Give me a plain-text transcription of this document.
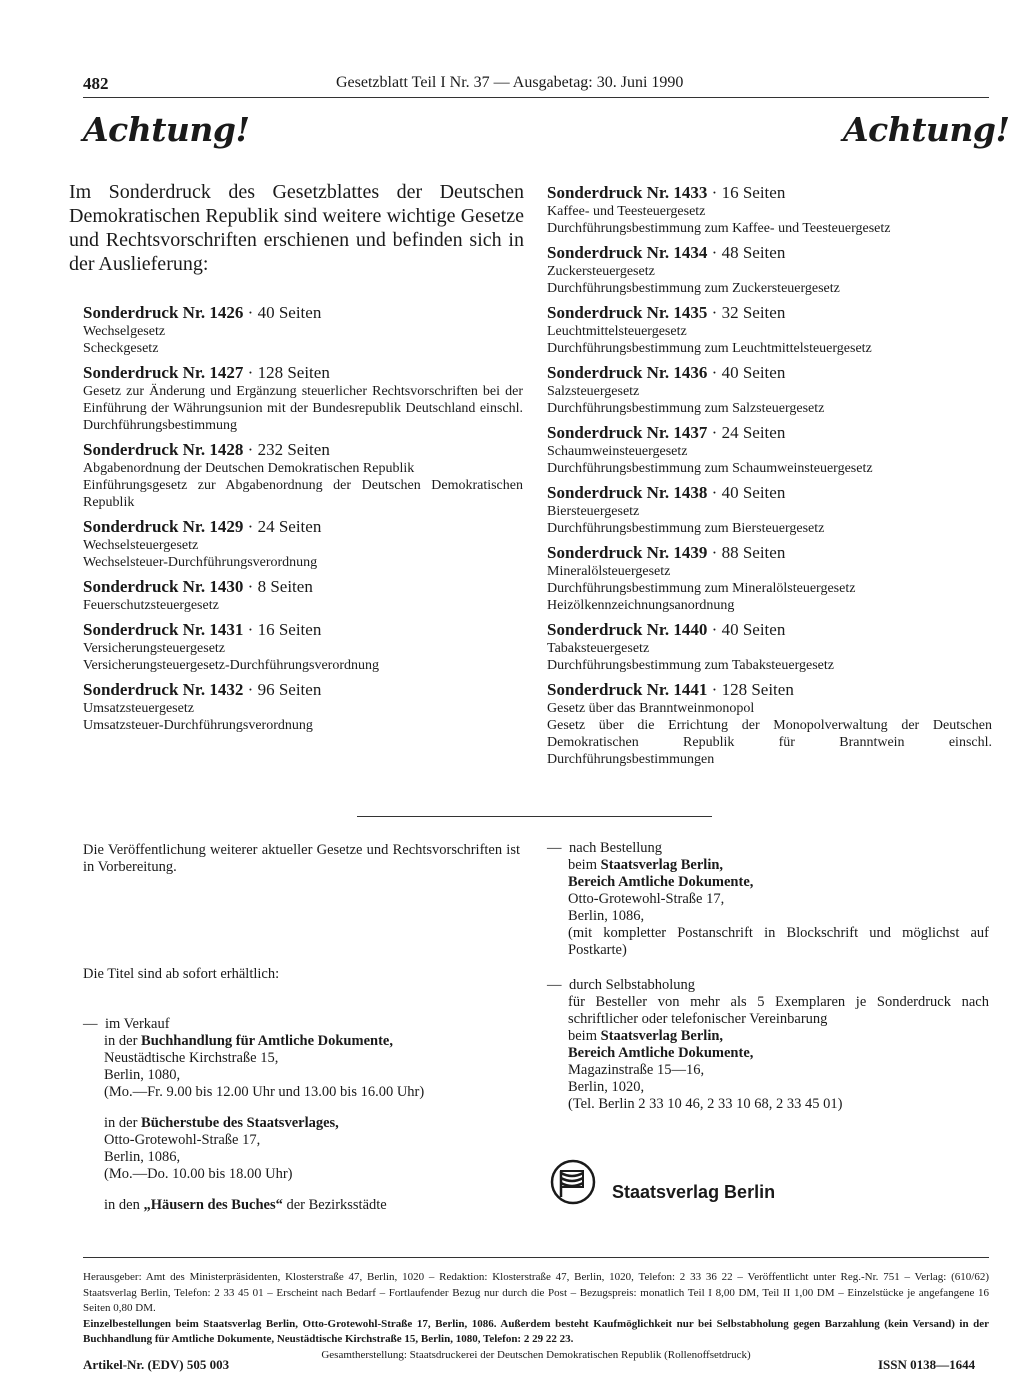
482	Gesetzblatt Teil I Nr. 37 — Ausgabetag: 30. Juni 1990
Achtung!	Achtung!
Im Sonderdruck des Gesetzblattes der Deutschen Demokratischen Republik sind weitere wichtige Gesetze und Rechtsvorschriften erschienen und befinden sich in der Auslieferung:
Sonderdruck Nr. 1426 · 40 Seiten
Wechselgesetz
Scheckgesetz
Sonderdruck Nr. 1427 · 128 Seiten
Gesetz zur Änderung und Ergänzung steuerlicher Rechtsvorschriften bei der Einführung der Währungsunion mit der Bundesrepublik Deutschland einschl. Durchführungsbestimmung
Sonderdruck Nr. 1428 · 232 Seiten
Abgabenordnung der Deutschen Demokratischen Republik
Einführungsgesetz zur Abgabenordnung der Deutschen Demokratischen Republik
Sonderdruck Nr. 1429 · 24 Seiten
Wechselsteuergesetz
Wechselsteuer-Durchführungsverordnung
Sonderdruck Nr. 1430 · 8 Seiten
Feuerschutzsteuergesetz
Sonderdruck Nr. 1431 · 16 Seiten
Versicherungsteuergesetz
Versicherungsteuergesetz-Durchführungsverordnung
Sonderdruck Nr. 1432 · 96 Seiten
Umsatzsteuergesetz
Umsatzsteuer-Durchführungsverordnung
Sonderdruck Nr. 1433 · 16 Seiten
Kaffee- und Teesteuergesetz
Durchführungsbestimmung zum Kaffee- und Teesteuergesetz
Sonderdruck Nr. 1434 · 48 Seiten
Zuckersteuergesetz
Durchführungsbestimmung zum Zuckersteuergesetz
Sonderdruck Nr. 1435 · 32 Seiten
Leuchtmittelsteuergesetz
Durchführungsbestimmung zum Leuchtmittelsteuergesetz
Sonderdruck Nr. 1436 · 40 Seiten
Salzsteuergesetz
Durchführungsbestimmung zum Salzsteuergesetz
Sonderdruck Nr. 1437 · 24 Seiten
Schaumweinsteuergesetz
Durchführungsbestimmung zum Schaumweinsteuergesetz
Sonderdruck Nr. 1438 · 40 Seiten
Biersteuergesetz
Durchführungsbestimmung zum Biersteuergesetz
Sonderdruck Nr. 1439 · 88 Seiten
Mineralölsteuergesetz
Durchführungsbestimmung zum Mineralölsteuergesetz
Heizölkennzeichnungsanordnung
Sonderdruck Nr. 1440 · 40 Seiten
Tabaksteuergesetz
Durchführungsbestimmung zum Tabaksteuergesetz
Sonderdruck Nr. 1441 · 128 Seiten
Gesetz über das Branntweinmonopol
Gesetz über die Errichtung der Monopolverwaltung der Deutschen Demokratischen Republik für Branntwein einschl. Durchführungsbestimmungen
Die Veröffentlichung weiterer aktueller Gesetze und Rechtsvorschriften ist in Vorbereitung.
Die Titel sind ab sofort erhältlich:
— im Verkauf
in der Buchhandlung für Amtliche Dokumente,
Neustädtische Kirchstraße 15,
Berlin, 1080,
(Mo.—Fr. 9.00 bis 12.00 Uhr und 13.00 bis 16.00 Uhr)
in der Bücherstube des Staatsverlages,
Otto-Grotewohl-Straße 17,
Berlin, 1086,
(Mo.—Do. 10.00 bis 18.00 Uhr)
in den „Häusern des Buches“ der Bezirksstädte
— nach Bestellung
beim Staatsverlag Berlin,
Bereich Amtliche Dokumente,
Otto-Grotewohl-Straße 17,
Berlin, 1086,
(mit kompletter Postanschrift in Blockschrift und möglichst auf Postkarte)
— durch Selbstabholung
für Besteller von mehr als 5 Exemplaren je Sonderdruck nach schriftlicher oder telefonischer Vereinbarung
beim Staatsverlag Berlin,
Bereich Amtliche Dokumente,
Magazinstraße 15—16,
Berlin, 1020,
(Tel. Berlin 2 33 10 46, 2 33 10 68, 2 33 45 01)
Staatsverlag Berlin
Herausgeber: Amt des Ministerpräsidenten, Klosterstraße 47, Berlin, 1020 – Redaktion: Klosterstraße 47, Berlin, 1020, Telefon: 2 33 36 22 – Veröffentlicht unter Reg.-Nr. 751 – Verlag: (610/62) Staatsverlag Berlin, Telefon: 2 33 45 01 – Erscheint nach Bedarf – Fortlaufender Bezug nur durch die Post – Bezugspreis: monatlich Teil I 8,00 DM, Teil II 1,00 DM – Einzelstücke je angefangene 16 Seiten 0,80 DM.
Einzelbestellungen beim Staatsverlag Berlin, Otto-Grotewohl-Straße 17, Berlin, 1086. Außerdem besteht Kaufmöglichkeit nur bei Selbstabholung gegen Barzahlung (kein Versand) in der Buchhandlung für Amtliche Dokumente, Neustädtische Kirchstraße 15, Berlin, 1080, Telefon: 2 29 22 23.
Gesamtherstellung: Staatsdruckerei der Deutschen Demokratischen Republik (Rollenoffsetdruck)
Artikel-Nr. (EDV) 505 003	ISSN 0138—1644
